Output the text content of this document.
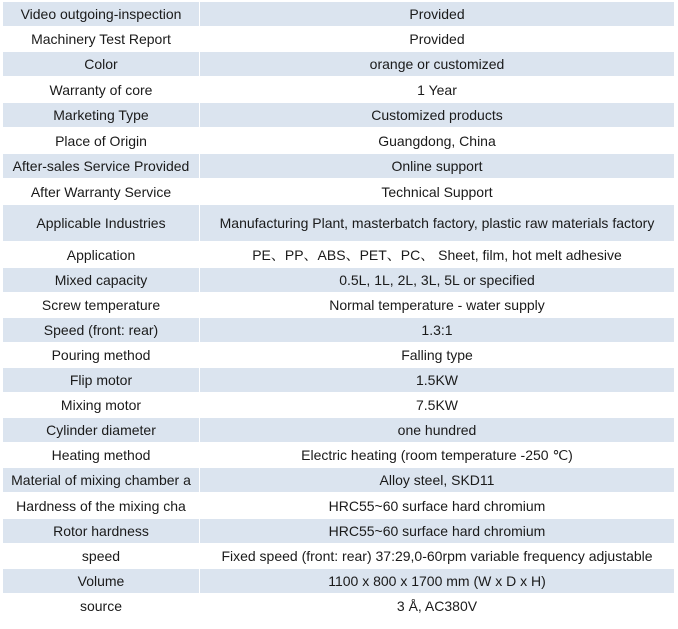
Video outgoing-inspection	Provided
Machinery Test Report	Provided
Color	orange or customized
Warranty of core	1 Year
Marketing Type	Customized products
Place of Origin	Guangdong, China
After-sales Service Provided	Online support
After Warranty Service	Technical Support
Applicable Industries	Manufacturing Plant, masterbatch factory, plastic raw materials factory
Application	PE、PP、ABS、PET、PC、 Sheet, film, hot melt adhesive
Mixed capacity	0.5L, 1L, 2L, 3L, 5L or specified
Screw temperature	Normal temperature - water supply
Speed (front: rear)	1.3:1
Pouring method	Falling type
Flip motor	1.5KW
Mixing motor	7.5KW
Cylinder diameter	one hundred
Heating method	Electric heating (room temperature -250 ℃)
Material of mixing chamber a	Alloy steel, SKD11
Hardness of the mixing cha	HRC55~60 surface hard chromium
Rotor hardness	HRC55~60 surface hard chromium
speed	Fixed speed (front: rear) 37:29,0-60rpm variable frequency adjustable
Volume	1100 x 800 x 1700 mm (W x D x H)
source	3 Å, AC380V
